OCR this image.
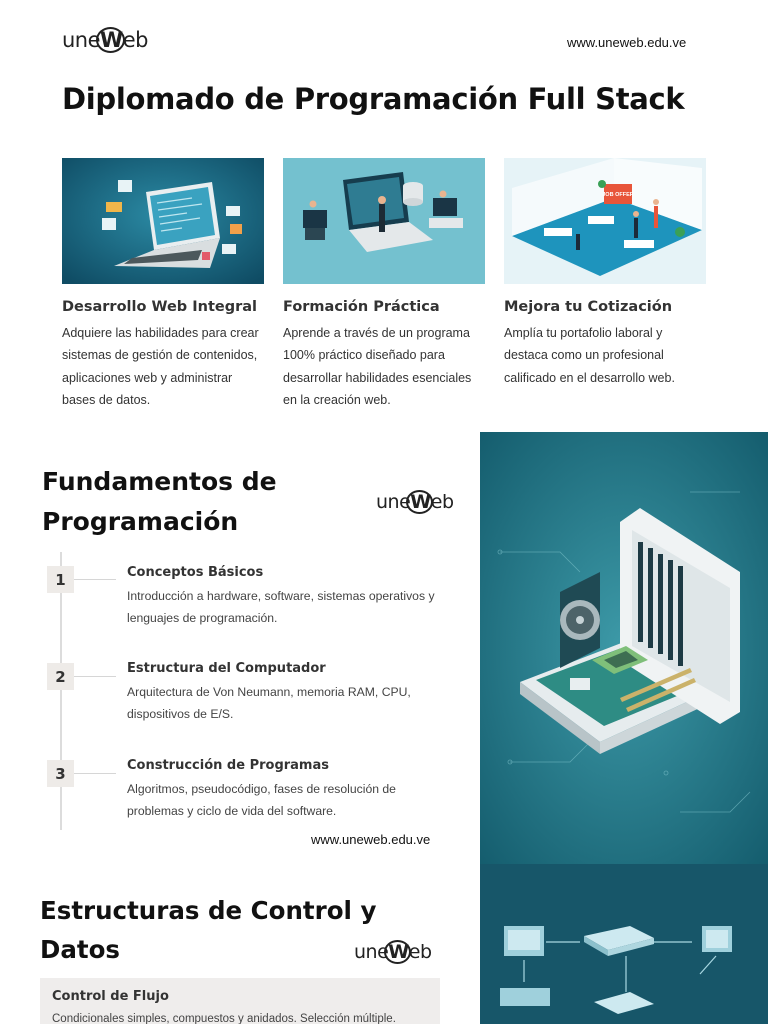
une W eb	www.uneweb.edu.ve
Diplomado de Programación Full Stack
JOB OFFER
Desarrollo Web Integral
Adquiere las habilidades para crear sistemas de gestión de contenidos, aplicaciones web y administrar bases de datos.
Formación Práctica
Aprende a través de un programa 100% práctico diseñado para desarrollar habilidades esenciales en la creación web.
Mejora tu Cotización
Amplía tu portafolio laboral y destaca como un profesional calificado en el desarrollo web.
Fundamentos de
Programación
une W eb
1	Conceptos Básicos
Introducción a hardware, software, sistemas operativos y lenguajes de programación.
2	Estructura del Computador
Arquitectura de Von Neumann, memoria RAM, CPU, dispositivos de E/S.
3	Construcción de Programas
Algoritmos, pseudocódigo, fases de resolución de problemas y ciclo de vida del software.
www.uneweb.edu.ve
Estructuras de Control y
Datos	une W eb
Control de Flujo
Condicionales simples, compuestos y anidados. Selección múltiple.
